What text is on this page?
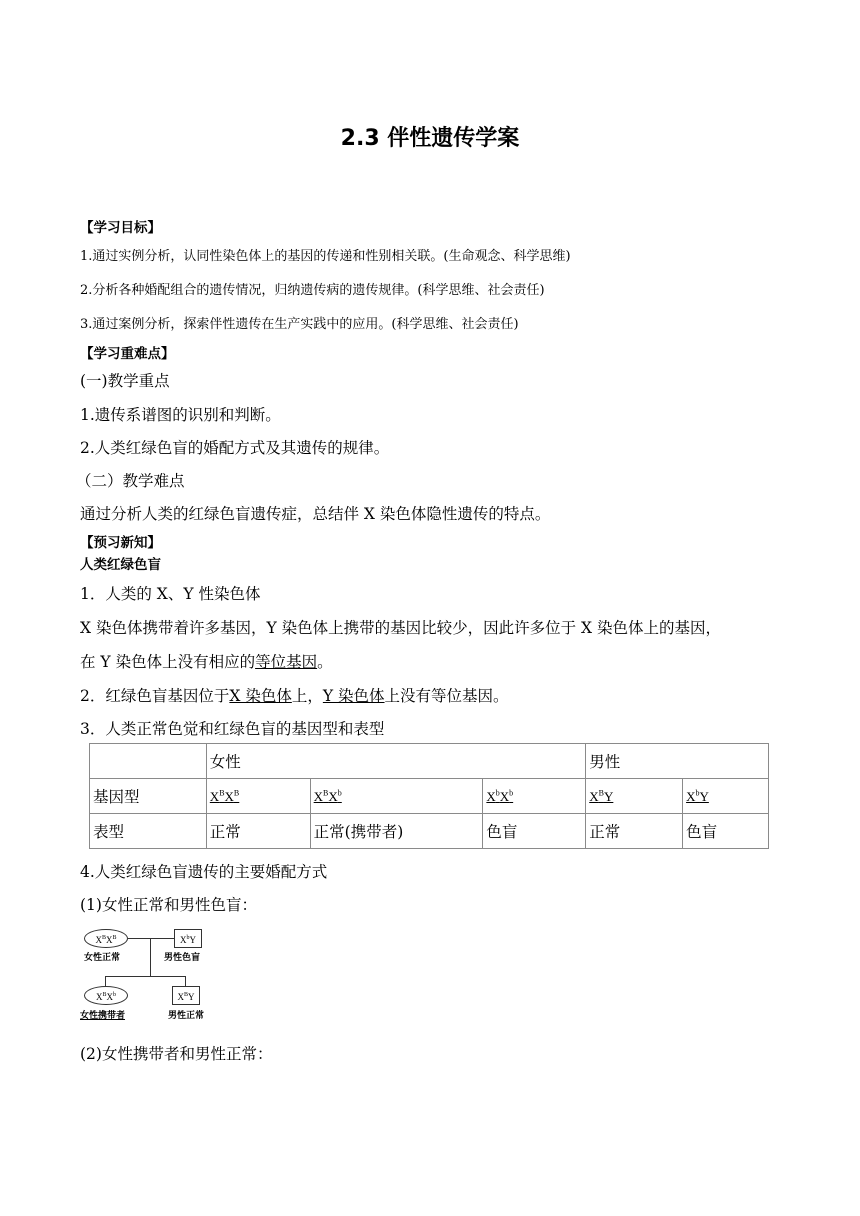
2.3 伴性遗传学案
【学习目标】
1.通过实例分析，认同性染色体上的基因的传递和性别相关联。(生命观念、科学思维)
2.分析各种婚配组合的遗传情况，归纳遗传病的遗传规律。(科学思维、社会责任)
3.通过案例分析，探索伴性遗传在生产实践中的应用。(科学思维、社会责任)
【学习重难点】
(一)教学重点
1.遗传系谱图的识别和判断。
2.人类红绿色盲的婚配方式及其遗传的规律。
（二）教学难点
通过分析人类的红绿色盲遗传症，总结伴 X 染色体隐性遗传的特点。
【预习新知】
人类红绿色盲
1．人类的 X、Y 性染色体
X 染色体携带着许多基因，Y 染色体上携带的基因比较少，因此许多位于 X 染色体上的基因，
在 Y 染色体上没有相应的等位基因。
2．红绿色盲基因位于X 染色体上，Y 染色体上没有等位基因。
3．人类正常色觉和红绿色盲的基因型和表型
	女性			男性	
基因型	$X^BX^B$	$X^BX^b$	$X^bX^b$	$X^BY$	$X^bY$
表型	正常	正常(携带者)	色盲	正常	色盲
4.人类红绿色盲遗传的主要婚配方式
(1)女性正常和男性色盲：
$X^BX^B$	$X^bY$
女性正常	男性色盲
$X^BX^b$	$X^BY$
女性携带者	男性正常
(2)女性携带者和男性正常：
